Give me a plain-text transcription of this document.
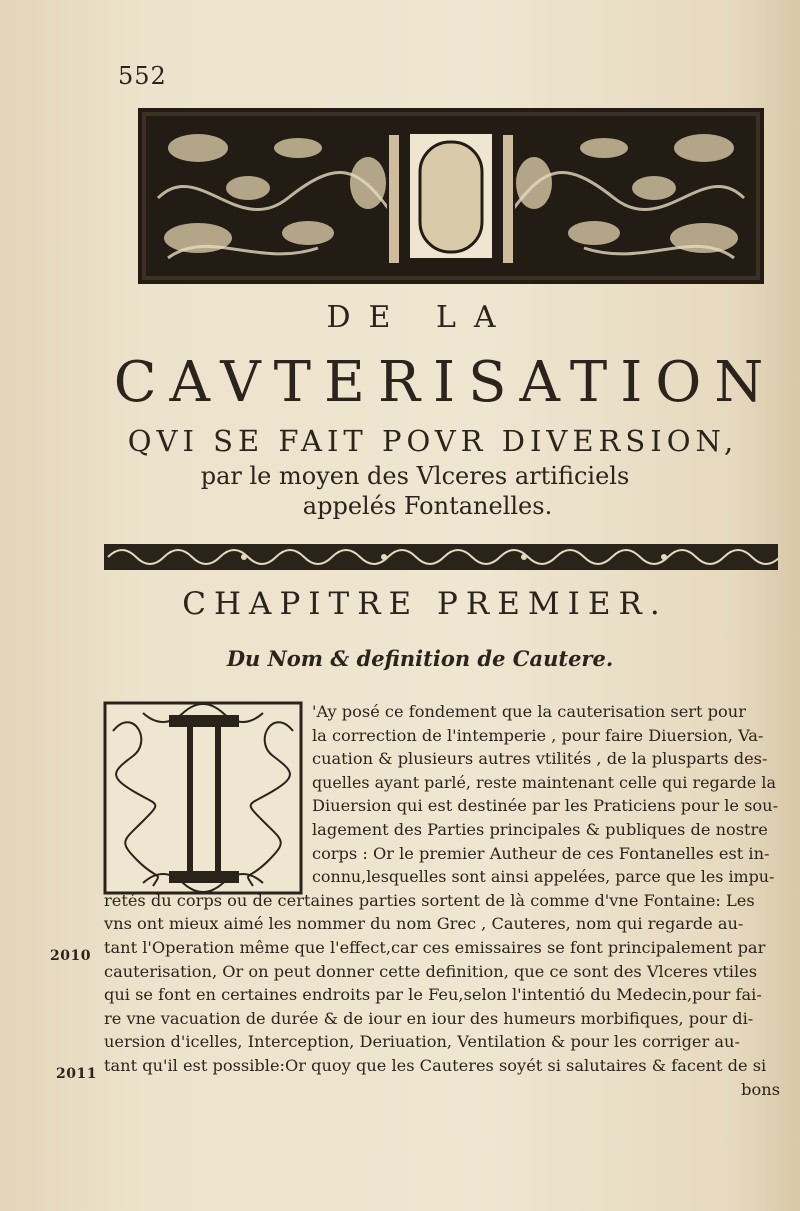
552
DE LA
CAVTERISATION
QVI SE FAIT POVR DIVERSION,
par le moyen des Vlceres artificiels
appelés Fontanelles.
CHAPITRE PREMIER.
Du Nom & definition de Cautere.
'Ay posé ce fondement que la cauterisation sert pour
la correction de l'intemperie , pour faire Diuersion, Va-
cuation & plusieurs autres vtilités , de la plusparts des-
quelles ayant parlé, reste maintenant celle qui regarde la
Diuersion qui est destinée par les Praticiens pour le sou-
lagement des Parties principales & publiques de nostre
corps : Or le premier Autheur de ces Fontanelles est in-
connu,lesquelles sont ainsi appelées, parce que les impu-
retés du corps ou de certaines parties sortent de là comme d'vne Fontaine: Les
vns ont mieux aimé les nommer du nom Grec , Cauteres, nom qui regarde au-
tant l'Operation même que l'effect,car ces emissaires se font principalement par
cauterisation, Or on peut donner cette definition, que ce sont des Vlceres vtiles
qui se font en certaines endroits par le Feu,selon l'intentió du Medecin,pour fai-
re vne vacuation de durée & de iour en iour des humeurs morbifiques, pour di-
uersion d'icelles, Interception, Deriuation, Ventilation & pour les corriger au-
tant qu'il est possible:Or quoy que les Cauteres soyét si salutaires & facent de si
bons
2010
2011
